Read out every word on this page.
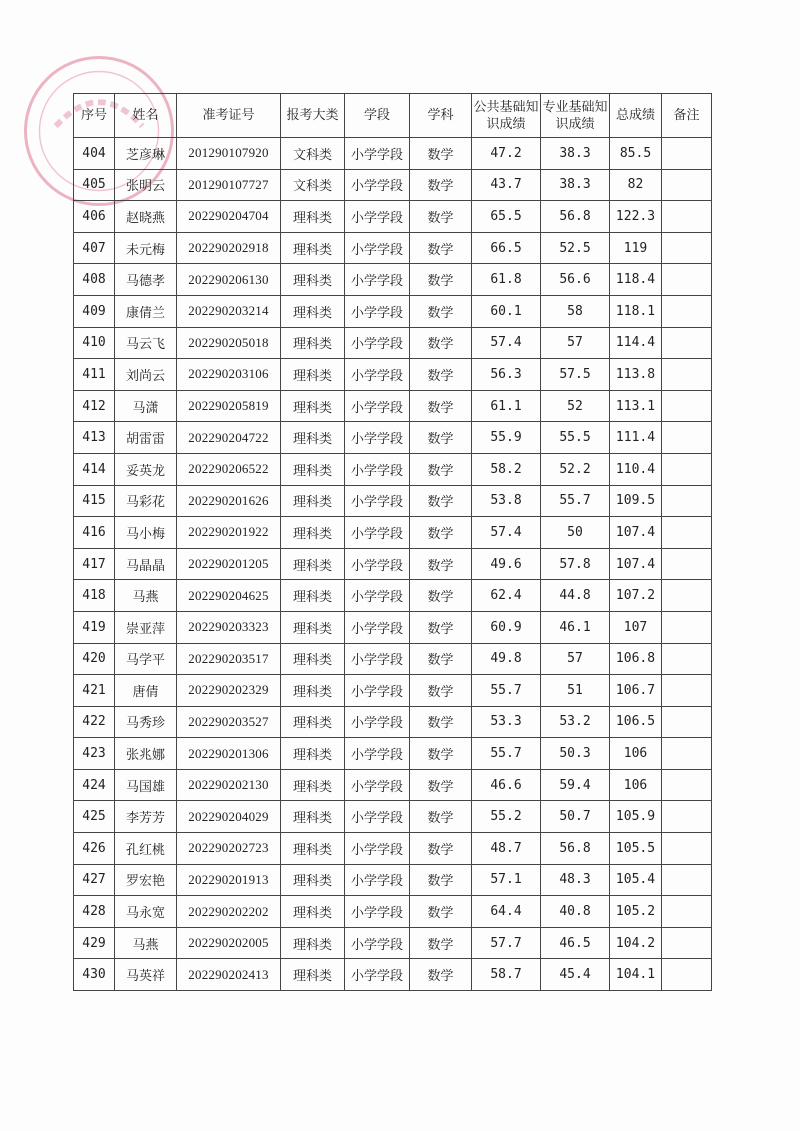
序号	姓名	准考证号	报考大类	学段	学科	公共基础知识成绩	专业基础知识成绩	总成绩	备注
404	芝彦琳	201290107920	文科类	小学学段	数学	47.2	38.3	85.5	
405	张明云	201290107727	文科类	小学学段	数学	43.7	38.3	82	
406	赵晓燕	202290204704	理科类	小学学段	数学	65.5	56.8	122.3	
407	未元梅	202290202918	理科类	小学学段	数学	66.5	52.5	119	
408	马德孝	202290206130	理科类	小学学段	数学	61.8	56.6	118.4	
409	康倩兰	202290203214	理科类	小学学段	数学	60.1	58	118.1	
410	马云飞	202290205018	理科类	小学学段	数学	57.4	57	114.4	
411	刘尚云	202290203106	理科类	小学学段	数学	56.3	57.5	113.8	
412	马潇	202290205819	理科类	小学学段	数学	61.1	52	113.1	
413	胡雷雷	202290204722	理科类	小学学段	数学	55.9	55.5	111.4	
414	妥英龙	202290206522	理科类	小学学段	数学	58.2	52.2	110.4	
415	马彩花	202290201626	理科类	小学学段	数学	53.8	55.7	109.5	
416	马小梅	202290201922	理科类	小学学段	数学	57.4	50	107.4	
417	马晶晶	202290201205	理科类	小学学段	数学	49.6	57.8	107.4	
418	马燕	202290204625	理科类	小学学段	数学	62.4	44.8	107.2	
419	崇亚萍	202290203323	理科类	小学学段	数学	60.9	46.1	107	
420	马学平	202290203517	理科类	小学学段	数学	49.8	57	106.8	
421	唐倩	202290202329	理科类	小学学段	数学	55.7	51	106.7	
422	马秀珍	202290203527	理科类	小学学段	数学	53.3	53.2	106.5	
423	张兆娜	202290201306	理科类	小学学段	数学	55.7	50.3	106	
424	马国雄	202290202130	理科类	小学学段	数学	46.6	59.4	106	
425	李芳芳	202290204029	理科类	小学学段	数学	55.2	50.7	105.9	
426	孔红桃	202290202723	理科类	小学学段	数学	48.7	56.8	105.5	
427	罗宏艳	202290201913	理科类	小学学段	数学	57.1	48.3	105.4	
428	马永宽	202290202202	理科类	小学学段	数学	64.4	40.8	105.2	
429	马燕	202290202005	理科类	小学学段	数学	57.7	46.5	104.2	
430	马英祥	202290202413	理科类	小学学段	数学	58.7	45.4	104.1	
